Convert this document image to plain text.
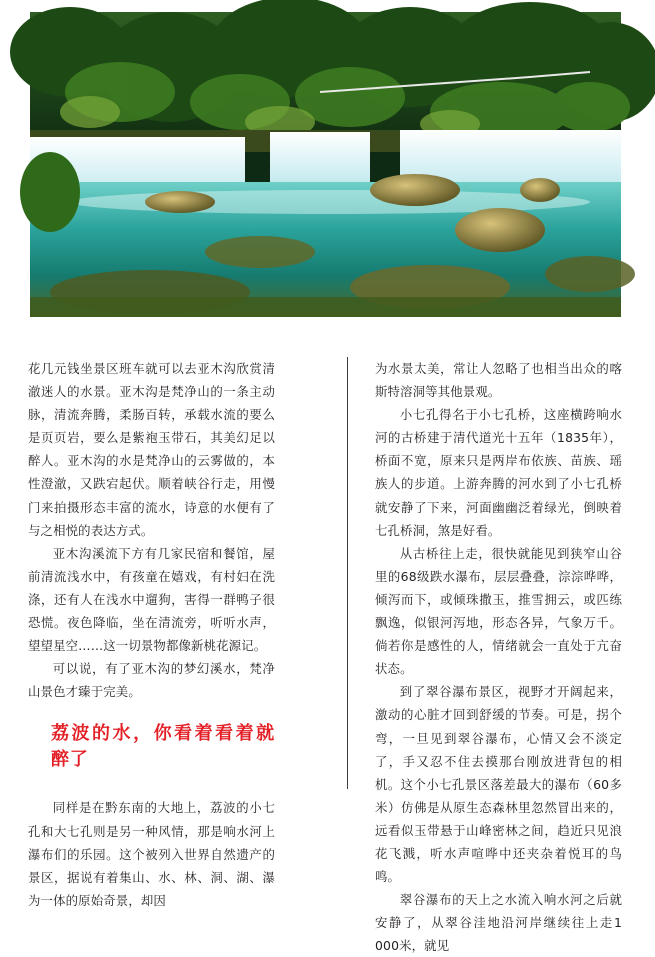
花几元钱坐景区班车就可以去亚木沟欣赏清澈迷人的水景。亚木沟是梵净山的一条主动脉，清流奔腾，柔肠百转，承载水流的要么是页页岩，要么是紫袍玉带石，其美幻足以醉人。亚木沟的水是梵净山的云雾做的，本性澄澈，又跌宕起伏。顺着峡谷行走，用慢门来拍摄形态丰富的流水，诗意的水便有了与之相悦的表达方式。

亚木沟溪流下方有几家民宿和餐馆，屋前清流浅水中，有孩童在嬉戏，有村妇在洗涤，还有人在浅水中遛狗，害得一群鸭子很恐慌。夜色降临，坐在清流旁，听听水声，望望星空……这一切景物都像新桃花源记。

可以说，有了亚木沟的梦幻溪水，梵净山景色才臻于完美。

荔波的水，你看着看着就醉了

同样是在黔东南的大地上，荔波的小七孔和大七孔则是另一种风情，那是响水河上瀑布们的乐园。这个被列入世界自然遗产的景区，据说有着集山、水、林、洞、湖、瀑为一体的原始奇景，却因

为水景太美，常让人忽略了也相当出众的喀斯特溶洞等其他景观。

小七孔得名于小七孔桥，这座横跨响水河的古桥建于清代道光十五年（1835年），桥面不宽，原来只是两岸布依族、苗族、瑶族人的步道。上游奔腾的河水到了小七孔桥就安静了下来，河面幽幽泛着绿光，倒映着七孔桥洞，煞是好看。

从古桥往上走，很快就能见到狭窄山谷里的68级跌水瀑布，层层叠叠，淙淙哗哗，倾泻而下，或倾珠撒玉，推雪拥云，或匹练飘逸，似银河泻地，形态各异，气象万千。倘若你是感性的人，情绪就会一直处于亢奋状态。

到了翠谷瀑布景区，视野才开阔起来，激动的心脏才回到舒缓的节奏。可是，拐个弯，一旦见到翠谷瀑布，心情又会不淡定了，手又忍不住去摸那台刚放进背包的相机。这个小七孔景区落差最大的瀑布（60多米）仿佛是从原生态森林里忽然冒出来的，远看似玉带悬于山峰密林之间，趋近只见浪花飞溅，听水声喧哗中还夹杂着悦耳的鸟鸣。

翠谷瀑布的天上之水流入响水河之后就安静了，从翠谷洼地沿河岸继续往上走1 000米，就见
